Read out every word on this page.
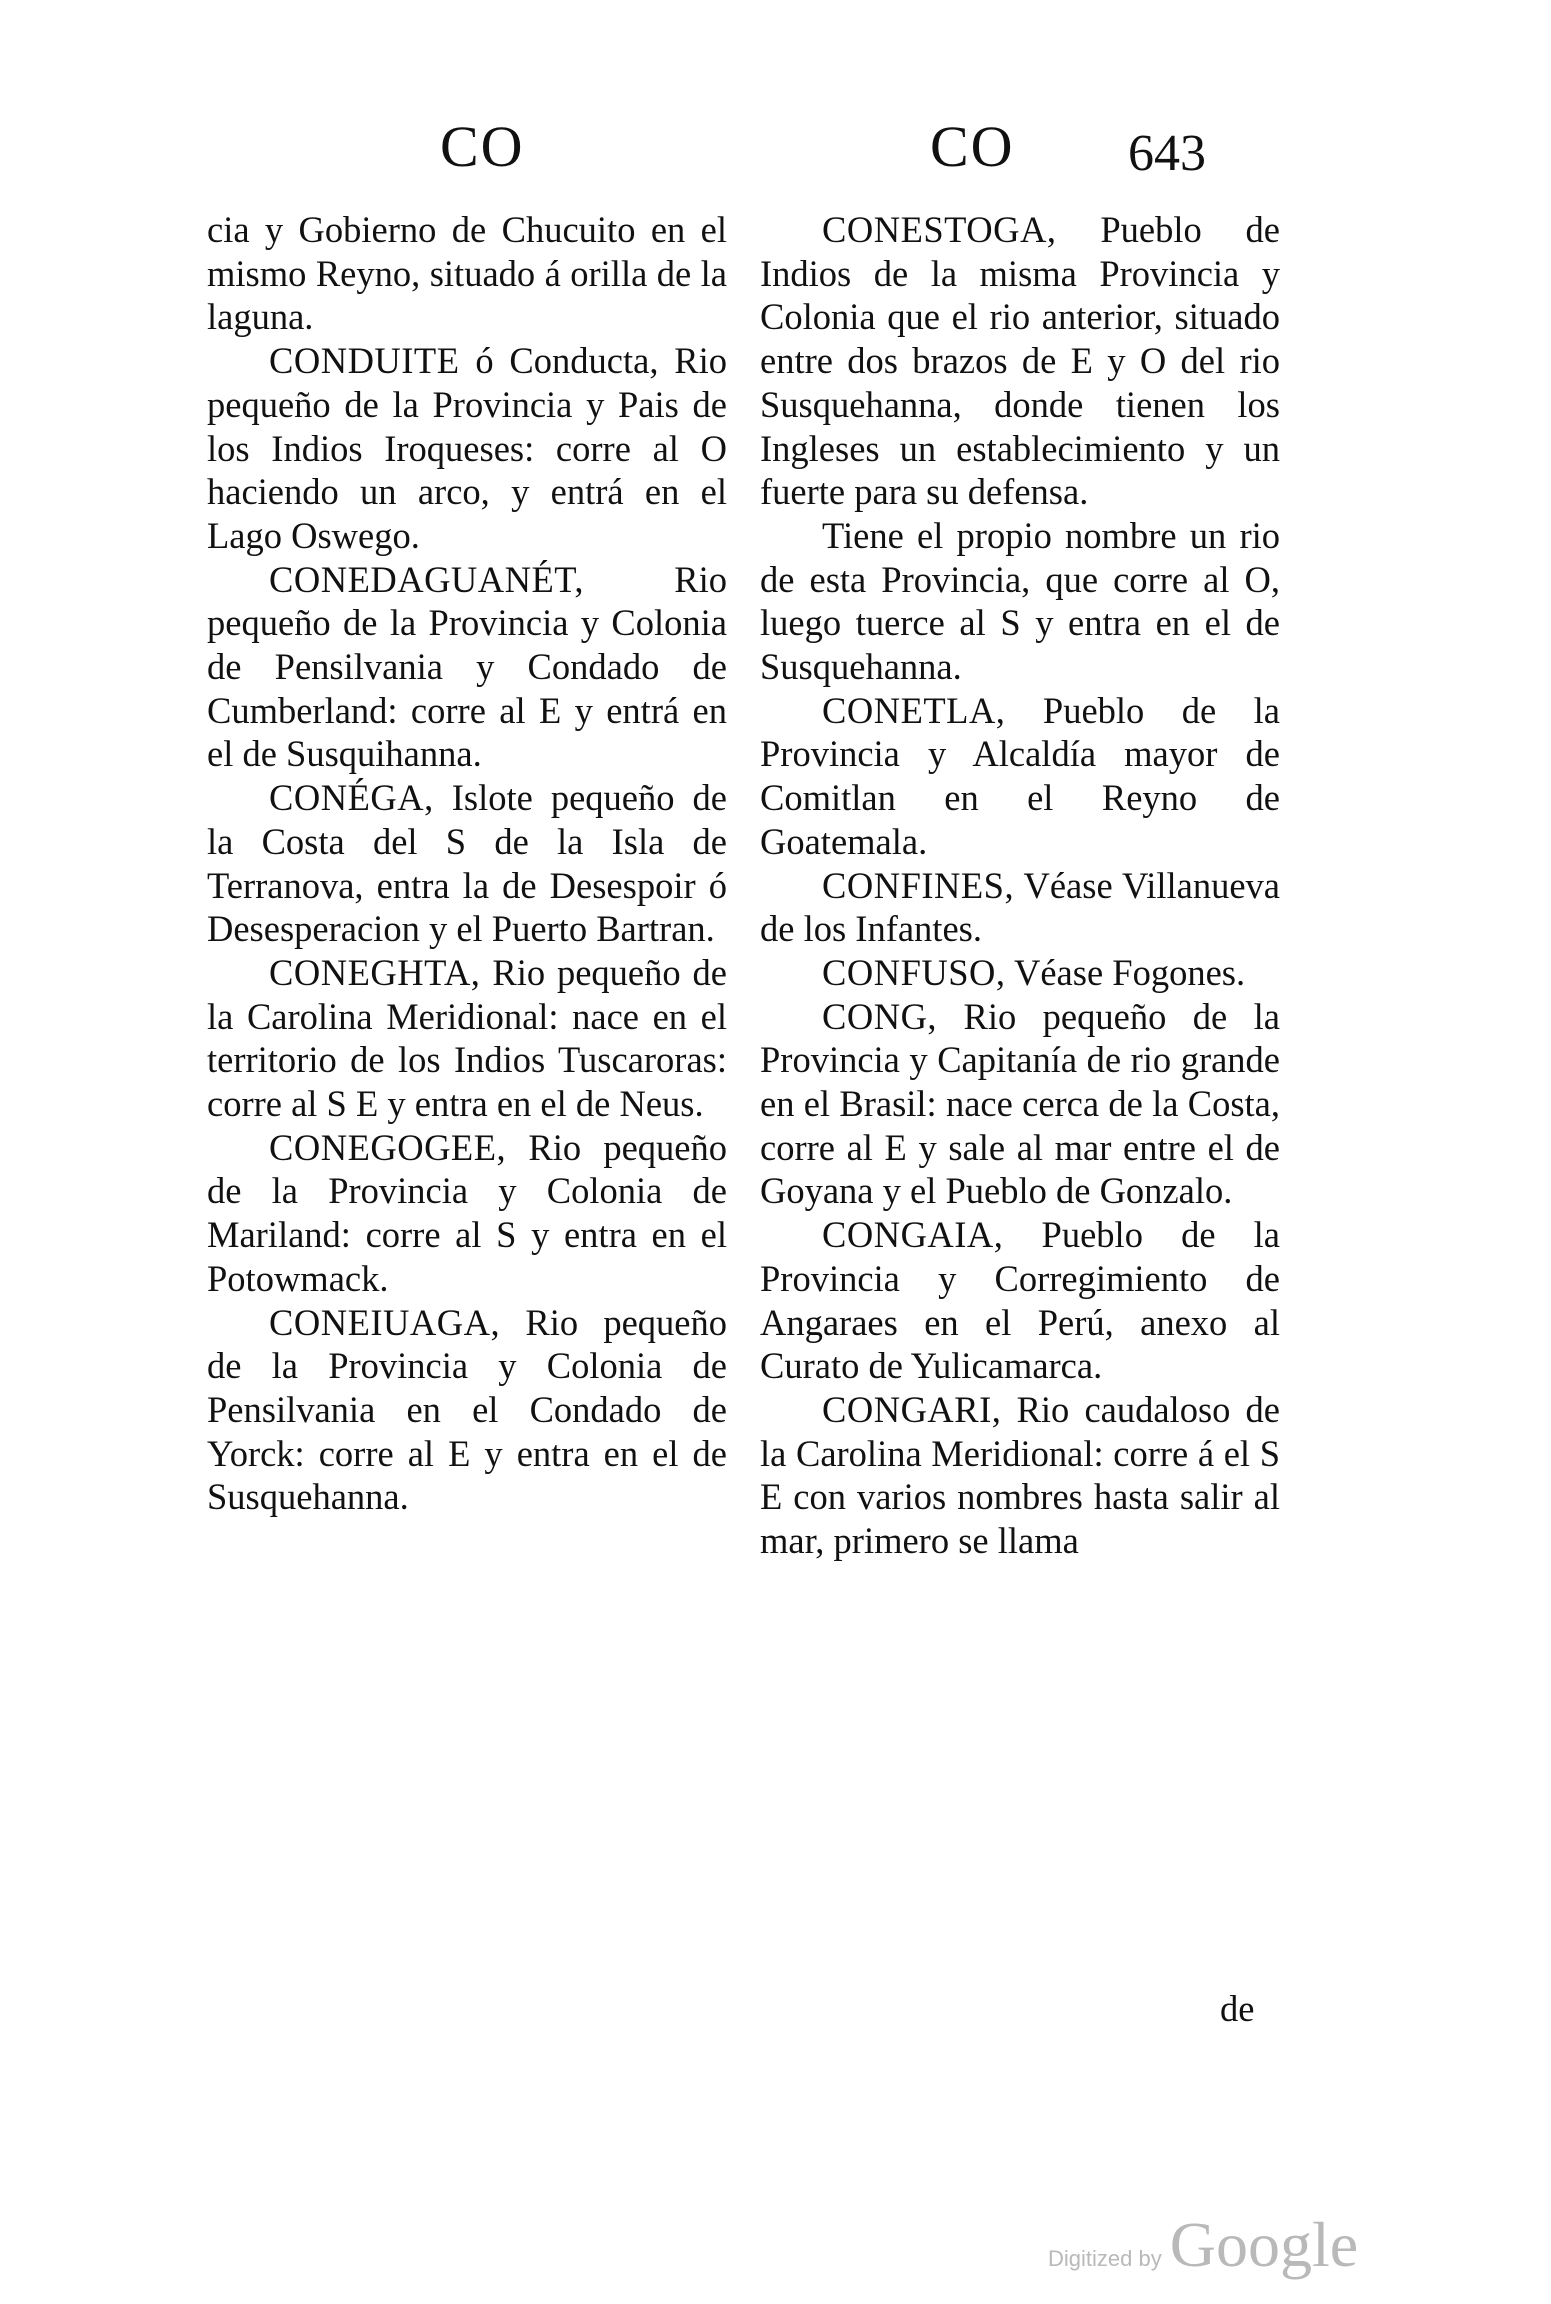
CO	CO 643

cia y Gobierno de Chucuito en el mismo Reyno, situado á orilla de la laguna.

CONDUITE ó Conducta, Rio pequeño de la Provincia y Pais de los Indios Iroqueses: corre al O haciendo un arco, y entrá en el Lago Oswego.

CONEDAGUANÉT, Rio pequeño de la Provincia y Colonia de Pensilvania y Condado de Cumberland: corre al E y entrá en el de Susquihanna.

CONÉGA, Islote pequeño de la Costa del S de la Isla de Terranova, entra la de Desespoir ó Desesperacion y el Puerto Bartran.

CONEGHTA, Rio pequeño de la Carolina Meridional: nace en el territorio de los Indios Tuscaroras: corre al S E y entra en el de Neus.

CONEGOGEE, Rio pequeño de la Provincia y Colonia de Mariland: corre al S y entra en el Potowmack.

CONEIUAGA, Rio pequeño de la Provincia y Colonia de Pensilvania en el Condado de Yorck: corre al E y entra en el de Susquehanna.

CONESTOGA, Pueblo de Indios de la misma Provincia y Colonia que el rio anterior, situado entre dos brazos de E y O del rio Susquehanna, donde tienen los Ingleses un establecimiento y un fuerte para su defensa.

Tiene el propio nombre un rio de esta Provincia, que corre al O, luego tuerce al S y entra en el de Susquehanna.

CONETLA, Pueblo de la Provincia y Alcaldía mayor de Comitlan en el Reyno de Goatemala.

CONFINES, Véase Villanueva de los Infantes.

CONFUSO, Véase Fogones.

CONG, Rio pequeño de la Provincia y Capitanía de rio grande en el Brasil: nace cerca de la Costa, corre al E y sale al mar entre el de Goyana y el Pueblo de Gonzalo.

CONGAIA, Pueblo de la Provincia y Corregimiento de Angaraes en el Perú, anexo al Curato de Yulicamarca.

CONGARI, Rio caudaloso de la Carolina Meridional: corre á el S E con varios nombres hasta salir al mar, primero se llama

de
Digitized by Google
